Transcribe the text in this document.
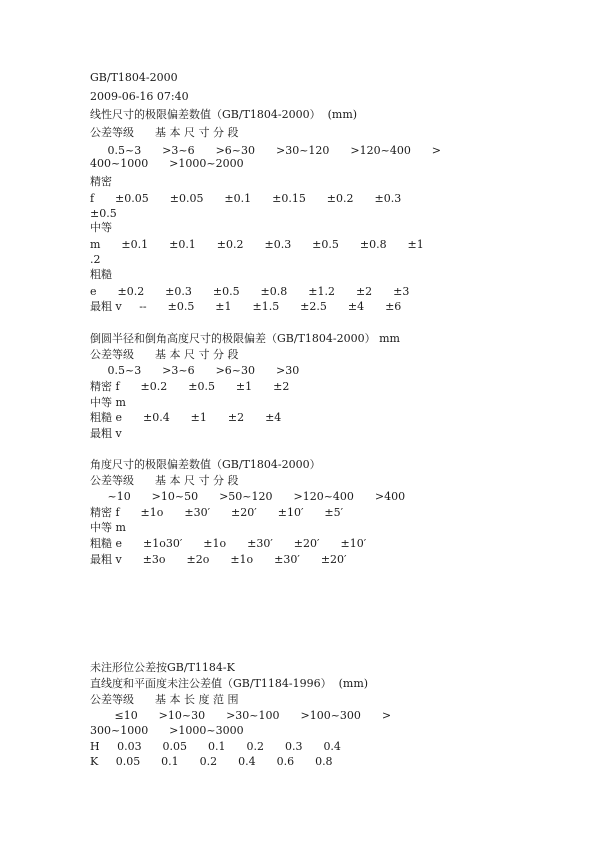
GB/T1804-2000
2009-06-16 07:40
线性尺寸的极限偏差数值（GB/T1804-2000）  (mm)
公差等级      基 本 尺 寸 分 段
0.5~3      >3~6      >6~30      >30~120      >120~400      >
400~1000      >1000~2000
精密
f      ±0.05      ±0.05      ±0.1      ±0.15      ±0.2      ±0.3
±0.5
中等
m      ±0.1      ±0.1      ±0.2      ±0.3      ±0.5      ±0.8      ±1
.2
粗糙
e      ±0.2      ±0.3      ±0.5      ±0.8      ±1.2      ±2      ±3
最粗 v     --      ±0.5      ±1      ±1.5      ±2.5      ±4      ±6
倒圆半径和倒角高度尺寸的极限偏差（GB/T1804-2000） mm
公差等级      基 本 尺 寸 分 段
0.5~3      >3~6      >6~30      >30
精密 f      ±0.2      ±0.5      ±1      ±2
中等 m
粗糙 e      ±0.4      ±1      ±2      ±4
最粗 v
角度尺寸的极限偏差数值（GB/T1804-2000）
公差等级      基 本 尺 寸 分 段
~10      >10~50      >50~120      >120~400      >400
精密 f      ±1o      ±30′      ±20′      ±10′      ±5′
中等 m
粗糙 e      ±1o30′      ±1o      ±30′      ±20′      ±10′
最粗 v      ±3o      ±2o      ±1o      ±30′      ±20′
未注形位公差按GB/T1184-K
直线度和平面度未注公差值（GB/T1184-1996）  (mm)
公差等级      基 本 长 度 范 围
≤10      >10~30      >30~100      >100~300      >
300~1000      >1000~3000
H     0.03      0.05      0.1      0.2      0.3      0.4
K     0.05      0.1      0.2      0.4      0.6      0.8
